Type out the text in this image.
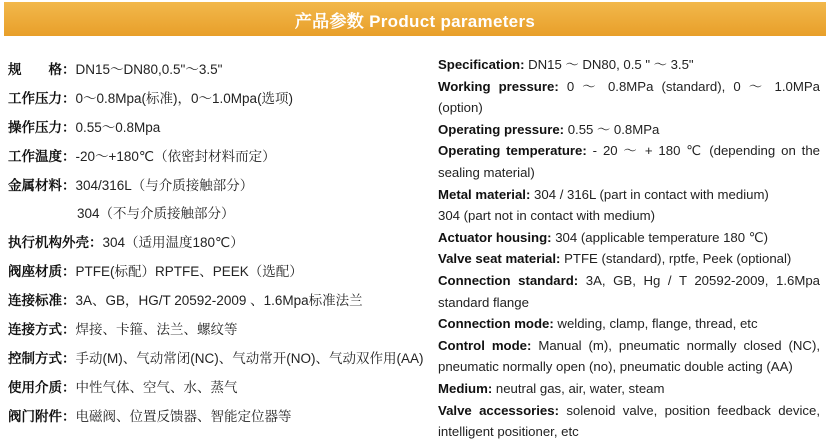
产品参数 Product parameters
规　　格：DN15～DN80,0.5"～3.5"
工作压力：0～0.8Mpa(标准)，0～1.0Mpa(选项)
操作压力：0.55～0.8Mpa
工作温度：-20～+180℃（依密封材料而定）
金属材料：304/316L（与介质接触部分）
304（不与介质接触部分）
执行机构外壳：304（适用温度180℃）
阀座材质：PTFE(标配）RPTFE、PEEK（选配）
连接标准：3A、GB，HG/T 20592-2009 、1.6Mpa标准法兰
连接方式：焊接、卡箍、法兰、螺纹等
控制方式：手动(M)、气动常闭(NC)、气动常开(NO)、气动双作用(AA)
使用介质：中性气体、空气、水、蒸气
阀门附件：电磁阀、位置反馈器、智能定位器等

Specification: DN15 ～ DN80, 0.5 " ～ 3.5"

Working pressure: 0 ～ 0.8MPa (standard), 0 ～ 1.0MPa (option)

Operating pressure: 0.55 ～ 0.8MPa

Operating temperature: - 20 ～ + 180 ℃ (depending on the sealing material)

Metal material: 304 / 316L (part in contact with medium)

304 (part not in contact with medium)

Actuator housing: 304 (applicable temperature 180 ℃)

Valve seat material: PTFE (standard), rptfe, Peek (optional)

Connection standard: 3A, GB, Hg / T 20592-2009, 1.6Mpa standard flange

Connection mode: welding, clamp, flange, thread, etc

Control mode: Manual (m), pneumatic normally closed (NC), pneumatic normally open (no), pneumatic double acting (AA)

Medium: neutral gas, air, water, steam

Valve accessories: solenoid valve, position feedback device, intelligent positioner, etc
